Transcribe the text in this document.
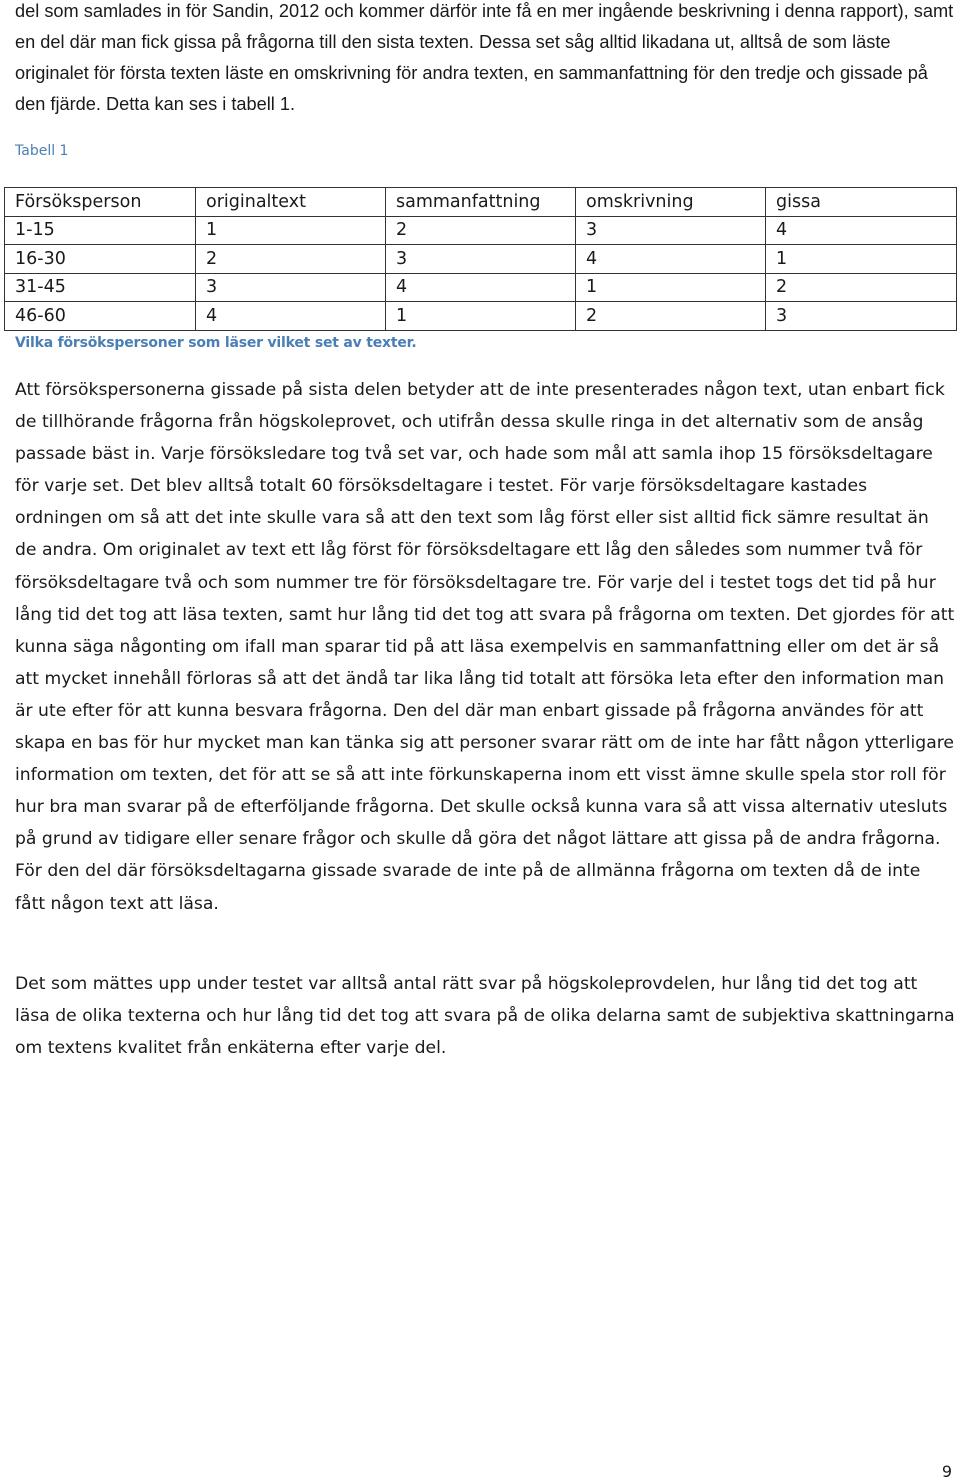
del som samlades in för Sandin, 2012 och kommer därför inte få en mer ingående beskrivning i denna rapport), samt en del där man fick gissa på frågorna till den sista texten. Dessa set såg alltid likadana ut, alltså de som läste originalet för första texten läste en omskrivning för andra texten, en sammanfattning för den tredje och gissade på den fjärde. Detta kan ses i tabell 1.

Tabell 1

Försöksperson	originaltext	sammanfattning	omskrivning	gissa
1-15	1	2	3	4
16-30	2	3	4	1
31-45	3	4	1	2
46-60	4	1	2	3

Vilka försökspersoner som läser vilket set av texter.

Att försökspersonerna gissade på sista delen betyder att de inte presenterades någon text, utan enbart fick de tillhörande frågorna från högskoleprovet, och utifrån dessa skulle ringa in det alternativ som de ansåg passade bäst in. Varje försöksledare tog två set var, och hade som mål att samla ihop 15 försöksdeltagare för varje set. Det blev alltså totalt 60 försöksdeltagare i testet. För varje försöksdeltagare kastades ordningen om så att det inte skulle vara så att den text som låg först eller sist alltid fick sämre resultat än de andra. Om originalet av text ett låg först för försöksdeltagare ett låg den således som nummer två för försöksdeltagare två och som nummer tre för försöksdeltagare tre. För varje del i testet togs det tid på hur lång tid det tog att läsa texten, samt hur lång tid det tog att svara på frågorna om texten. Det gjordes för att kunna säga någonting om ifall man sparar tid på att läsa exempelvis en sammanfattning eller om det är så att mycket innehåll förloras så att det ändå tar lika lång tid totalt att försöka leta efter den information man är ute efter för att kunna besvara frågorna. Den del där man enbart gissade på frågorna användes för att skapa en bas för hur mycket man kan tänka sig att personer svarar rätt om de inte har fått någon ytterligare information om texten, det för att se så att inte förkunskaperna inom ett visst ämne skulle spela stor roll för hur bra man svarar på de efterföljande frågorna. Det skulle också kunna vara så att vissa alternativ utesluts på grund av tidigare eller senare frågor och skulle då göra det något lättare att gissa på de andra frågorna. För den del där försöksdeltagarna gissade svarade de inte på de allmänna frågorna om texten då de inte fått någon text att läsa.

Det som mättes upp under testet var alltså antal rätt svar på högskoleprovdelen, hur lång tid det tog att läsa de olika texterna och hur lång tid det tog att svara på de olika delarna samt de subjektiva skattningarna om textens kvalitet från enkäterna efter varje del.

9
